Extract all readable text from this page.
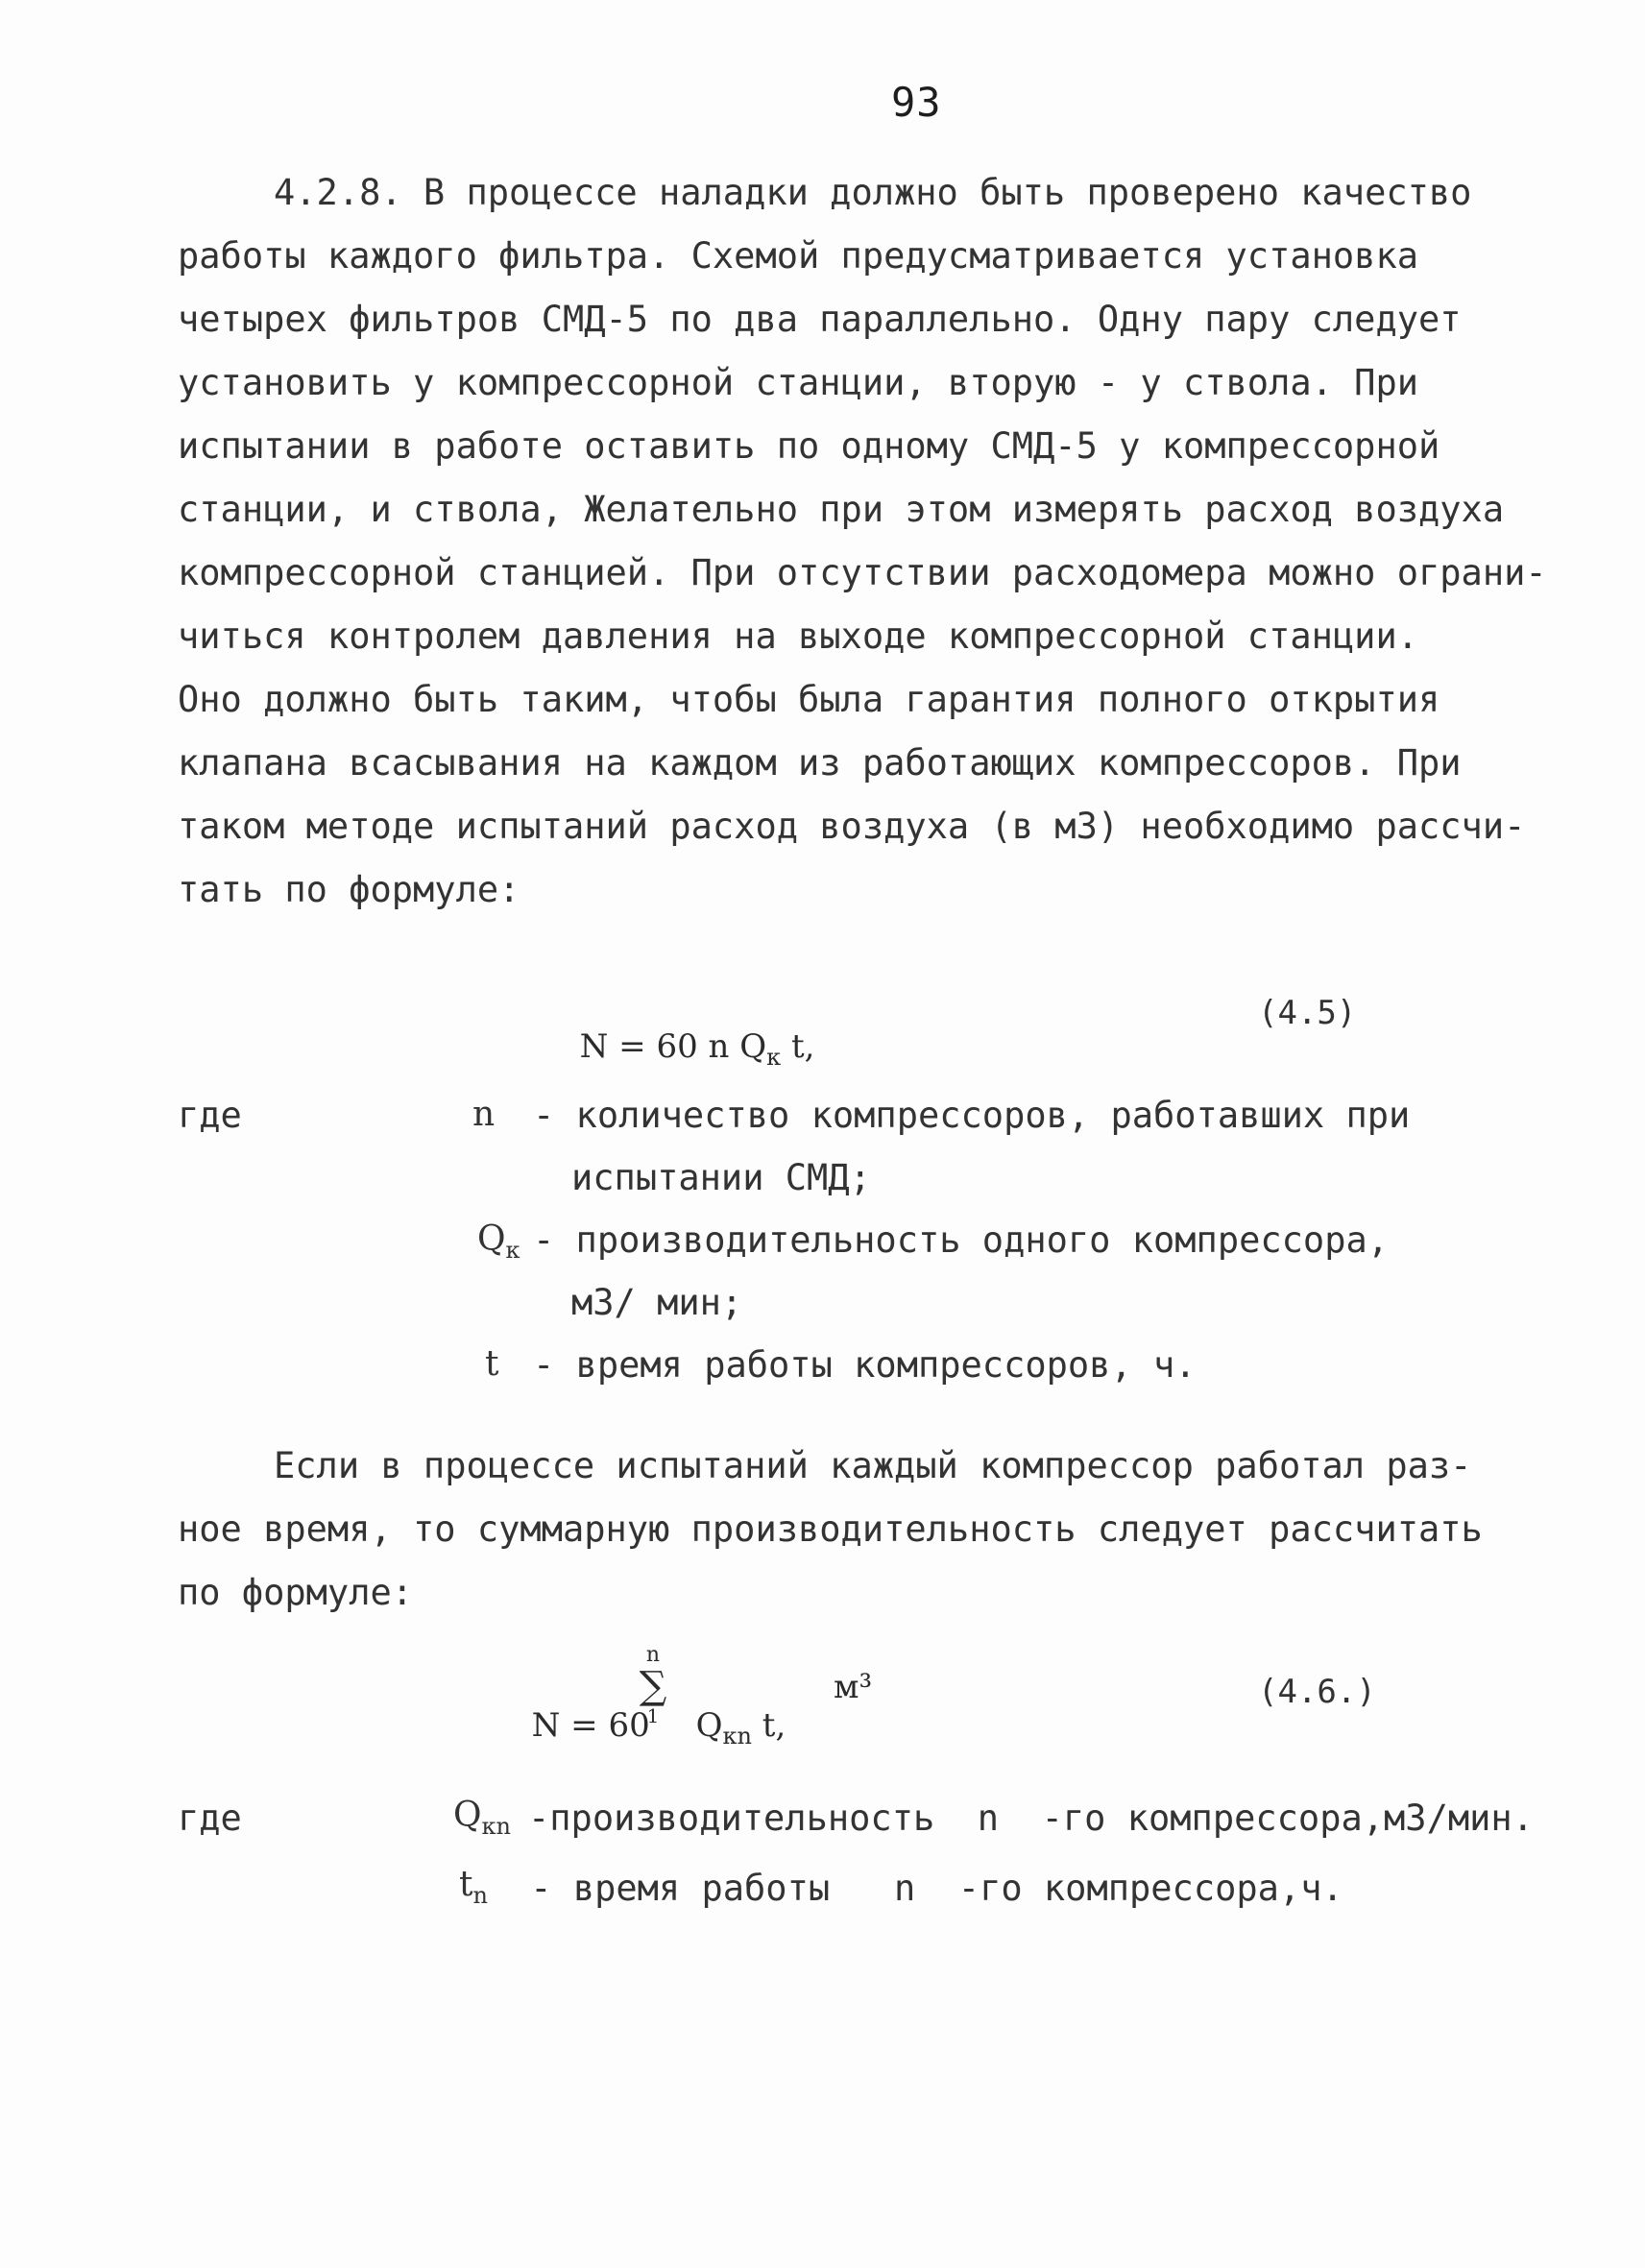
93
4.2.8. В процессе наладки должно быть проверено качество
работы каждого фильтра. Схемой предусматривается установка
четырех фильтров СМД-5 по два параллельно. Одну пару следует
установить у компрессорной станции, вторую - у ствола. При
испытании в работе оставить по одному СМД-5 у компрессорной
станции, и ствола, Желательно при этом измерять расход воздуха
компрессорной станцией. При отсутствии расходомера можно ограни-
читься контролем давления на выходе компрессорной станции.
Оно должно быть таким, чтобы была гарантия полного открытия
клапана всасывания на каждом из работающих компрессоров. При
таком методе испытаний расход воздуха (в м3) необходимо рассчи-
тать по формуле:

N = 60 n $Q_к$ t,

(4.5)
где	n - количество компрессоров, работавших при
испытании СМД;
$Q_к$ - производительность одного компрессора,
м3/ мин;
t - время работы компрессоров, ч.
Если в процессе испытаний каждый компрессор работал раз-
ное время, то суммарную производительность следует рассчитать
по формуле:

N = 60

n
∑
1	$Q_{кn}$ t,

м³	(4.6.)
где	$Q_{кn}$ -производительность  n  -го компрессора,м3/мин.
$t_n$ - время работы   n  -го компрессора,ч.
